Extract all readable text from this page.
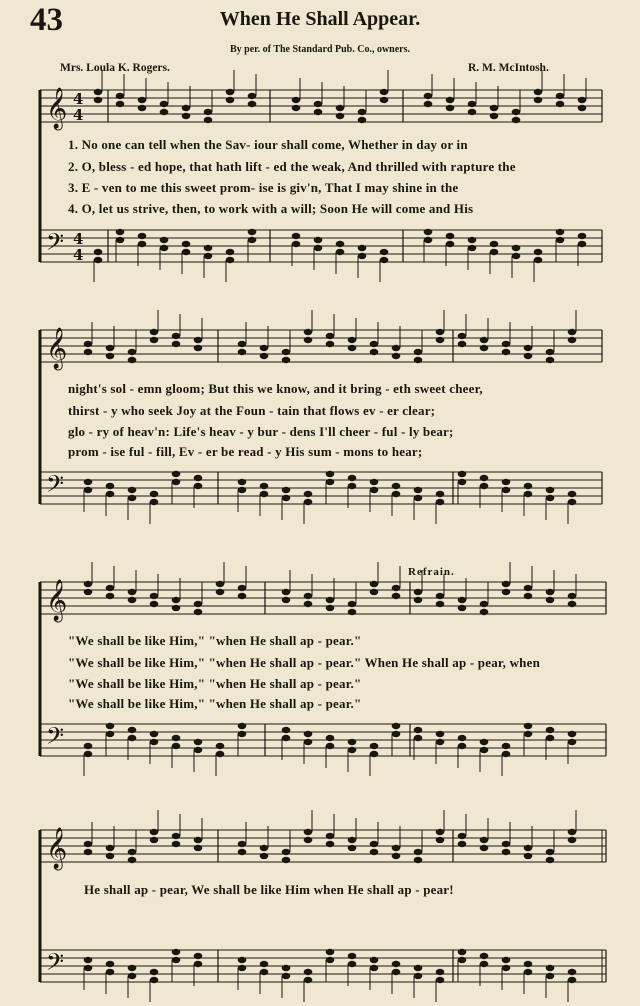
43	When He Shall Appear.
By per. of The Standard Pub. Co., owners.
Mrs. Loula K. Rogers.	R. M. McIntosh.
Refrain.
𝄞 4
4
𝄢 4
4
𝄞
𝄢
𝄞
𝄢
𝄞
𝄢
1. No one can tell when the Sav- iour shall come, Whether in day or in
2. O, bless - ed hope, that hath lift - ed the weak, And thrilled with rapture the
3. E - ven to me this sweet prom- ise is giv'n, That I may shine in the
4. O, let us strive, then, to work with a will; Soon He will come and His
night's sol - emn gloom; But this we know, and it bring - eth sweet cheer,
thirst - y who seek Joy at the Foun - tain that flows ev - er clear;
glo - ry of heav'n: Life's heav - y bur - dens I'll cheer - ful - ly bear;
prom - ise ful - fill, Ev - er be read - y His sum - mons to hear;
"We shall be like Him," "when He shall ap - pear."
"We shall be like Him," "when He shall ap - pear." When He shall ap - pear, when
"We shall be like Him," "when He shall ap - pear."
"We shall be like Him," "when He shall ap - pear."
He shall ap - pear, We shall be like Him when He shall ap - pear!
